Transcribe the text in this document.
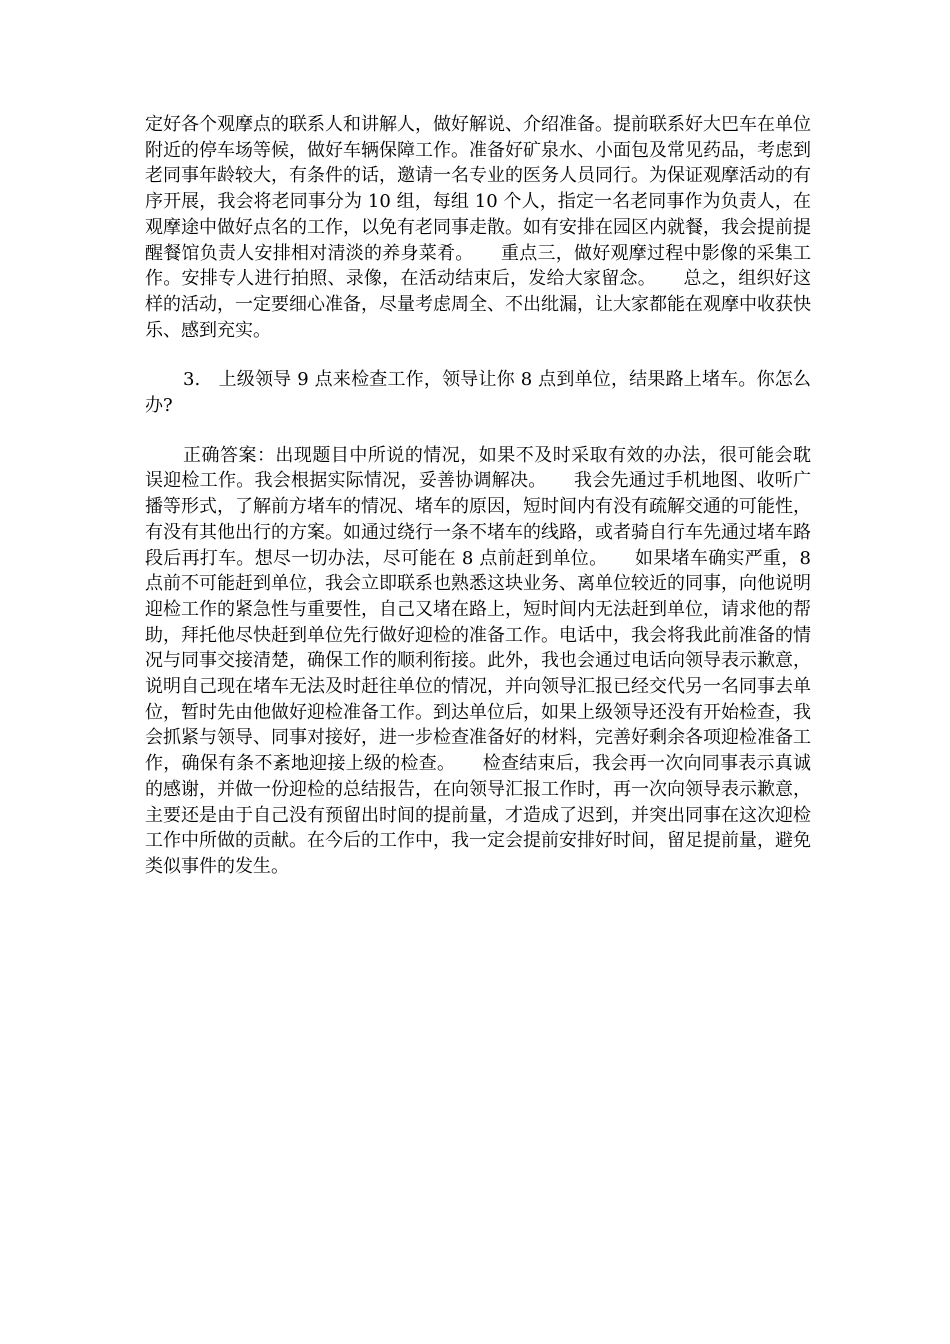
定好各个观摩点的联系人和讲解人，做好解说、介绍准备。提前联系好大巴车在单位附近的停车场等候，做好车辆保障工作。准备好矿泉水、小面包及常见药品，考虑到老同事年龄较大，有条件的话，邀请一名专业的医务人员同行。为保证观摩活动的有序开展，我会将老同事分为 10 组，每组 10 个人，指定一名老同事作为负责人，在观摩途中做好点名的工作，以免有老同事走散。如有安排在园区内就餐，我会提前提醒餐馆负责人安排相对清淡的养身菜肴。　　重点三，做好观摩过程中影像的采集工作。安排专人进行拍照、录像，在活动结束后，发给大家留念。　　总之，组织好这样的活动，一定要细心准备，尽量考虑周全、不出纰漏，让大家都能在观摩中收获快乐、感到充实。

3.　上级领导 9 点来检查工作，领导让你 8 点到单位，结果路上堵车。你怎么办?

正确答案：出现题目中所说的情况，如果不及时采取有效的办法，很可能会耽误迎检工作。我会根据实际情况，妥善协调解决。　　我会先通过手机地图、收听广播等形式，了解前方堵车的情况、堵车的原因，短时间内有没有疏解交通的可能性，有没有其他出行的方案。如通过绕行一条不堵车的线路，或者骑自行车先通过堵车路段后再打车。想尽一切办法，尽可能在 8 点前赶到单位。　　如果堵车确实严重，8 点前不可能赶到单位，我会立即联系也熟悉这块业务、离单位较近的同事，向他说明迎检工作的紧急性与重要性，自己又堵在路上，短时间内无法赶到单位，请求他的帮助，拜托他尽快赶到单位先行做好迎检的准备工作。电话中，我会将我此前准备的情况与同事交接清楚，确保工作的顺利衔接。此外，我也会通过电话向领导表示歉意，说明自己现在堵车无法及时赶往单位的情况，并向领导汇报已经交代另一名同事去单位，暂时先由他做好迎检准备工作。到达单位后，如果上级领导还没有开始检查，我会抓紧与领导、同事对接好，进一步检查准备好的材料，完善好剩余各项迎检准备工作，确保有条不紊地迎接上级的检查。　　检查结束后，我会再一次向同事表示真诚的感谢，并做一份迎检的总结报告，在向领导汇报工作时，再一次向领导表示歉意，主要还是由于自己没有预留出时间的提前量，才造成了迟到，并突出同事在这次迎检工作中所做的贡献。在今后的工作中，我一定会提前安排好时间，留足提前量，避免类似事件的发生。
